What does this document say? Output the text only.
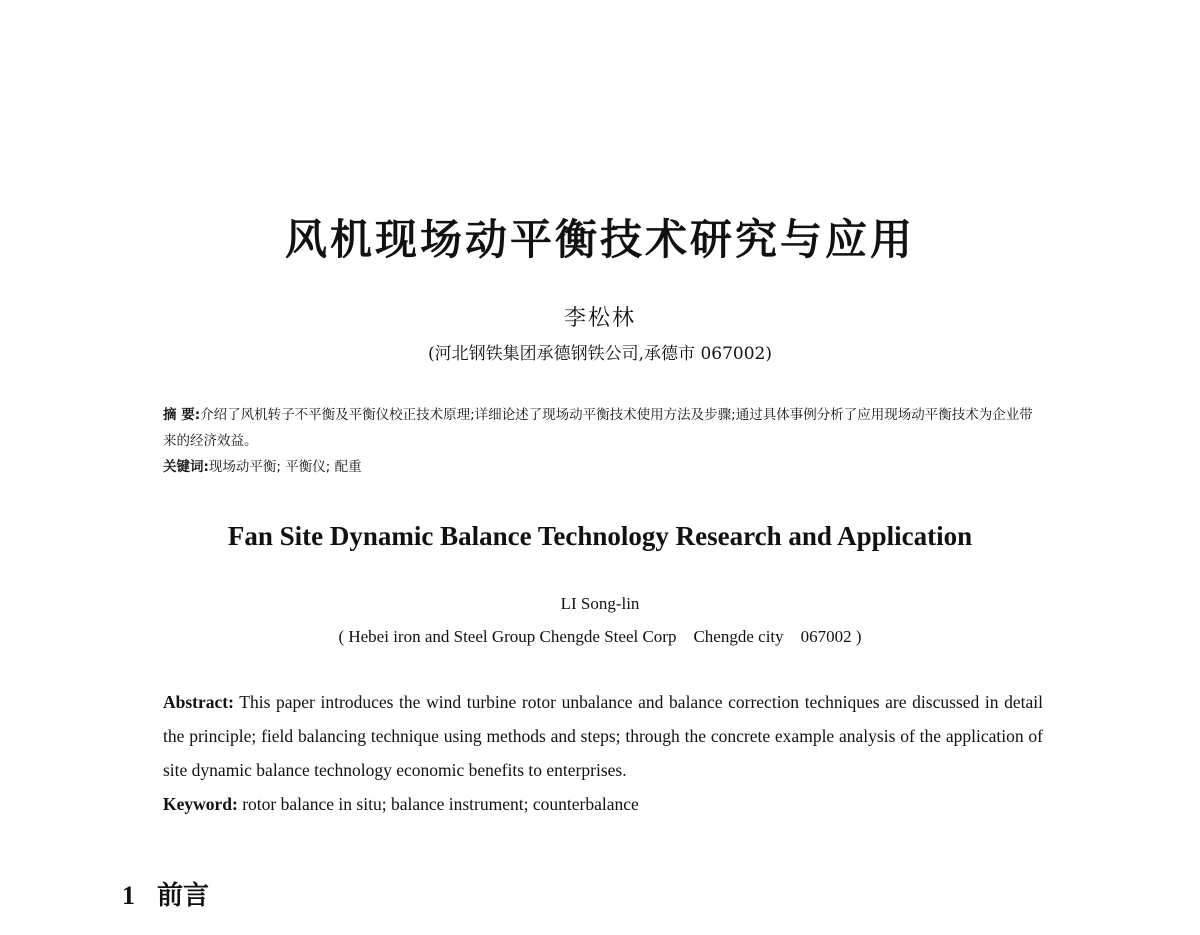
风机现场动平衡技术研究与应用
李松林
(河北钢铁集团承德钢铁公司,承德市 067002)

摘 要:介绍了风机转子不平衡及平衡仪校正技术原理;详细论述了现场动平衡技术使用方法及步骤;通过具体事例分析了应用现场动平衡技术为企业带来的经济效益。

关键词:现场动平衡; 平衡仪; 配重

Fan Site Dynamic Balance Technology Research and Application
LI Song-lin
( Hebei iron and Steel Group Chengde Steel Corp    Chengde city    067002 )

Abstract: This paper introduces the wind turbine rotor unbalance and balance correction techniques are discussed in detail the principle; field balancing technique using methods and steps; through the concrete example analysis of the application of site dynamic balance technology economic benefits to enterprises.

Keyword: rotor balance in situ; balance instrument; counterbalance

1 前言
